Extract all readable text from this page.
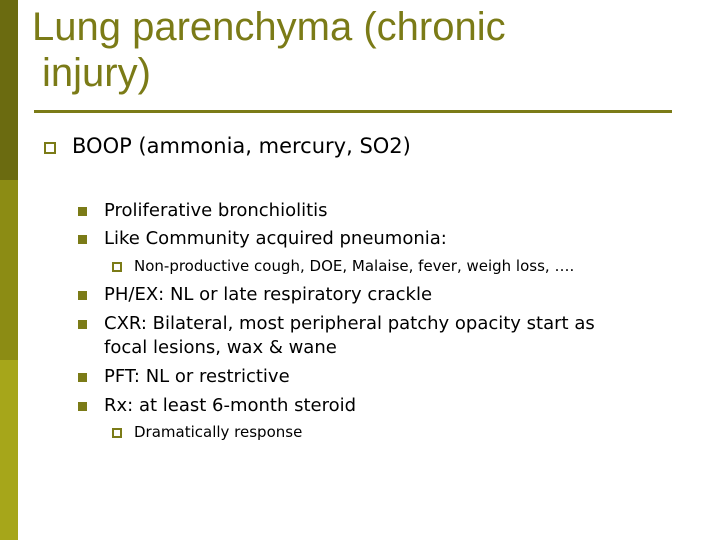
Lung parenchyma (chronic
injury)
BOOP (ammonia, mercury, SO2)
Proliferative bronchiolitis
Like Community acquired pneumonia:
Non-productive cough, DOE, Malaise, fever, weigh loss, ….
PH/EX: NL or late respiratory crackle
CXR: Bilateral, most peripheral patchy opacity start as
focal lesions, wax & wane
PFT: NL or restrictive
Rx: at least 6-month steroid
Dramatically response
